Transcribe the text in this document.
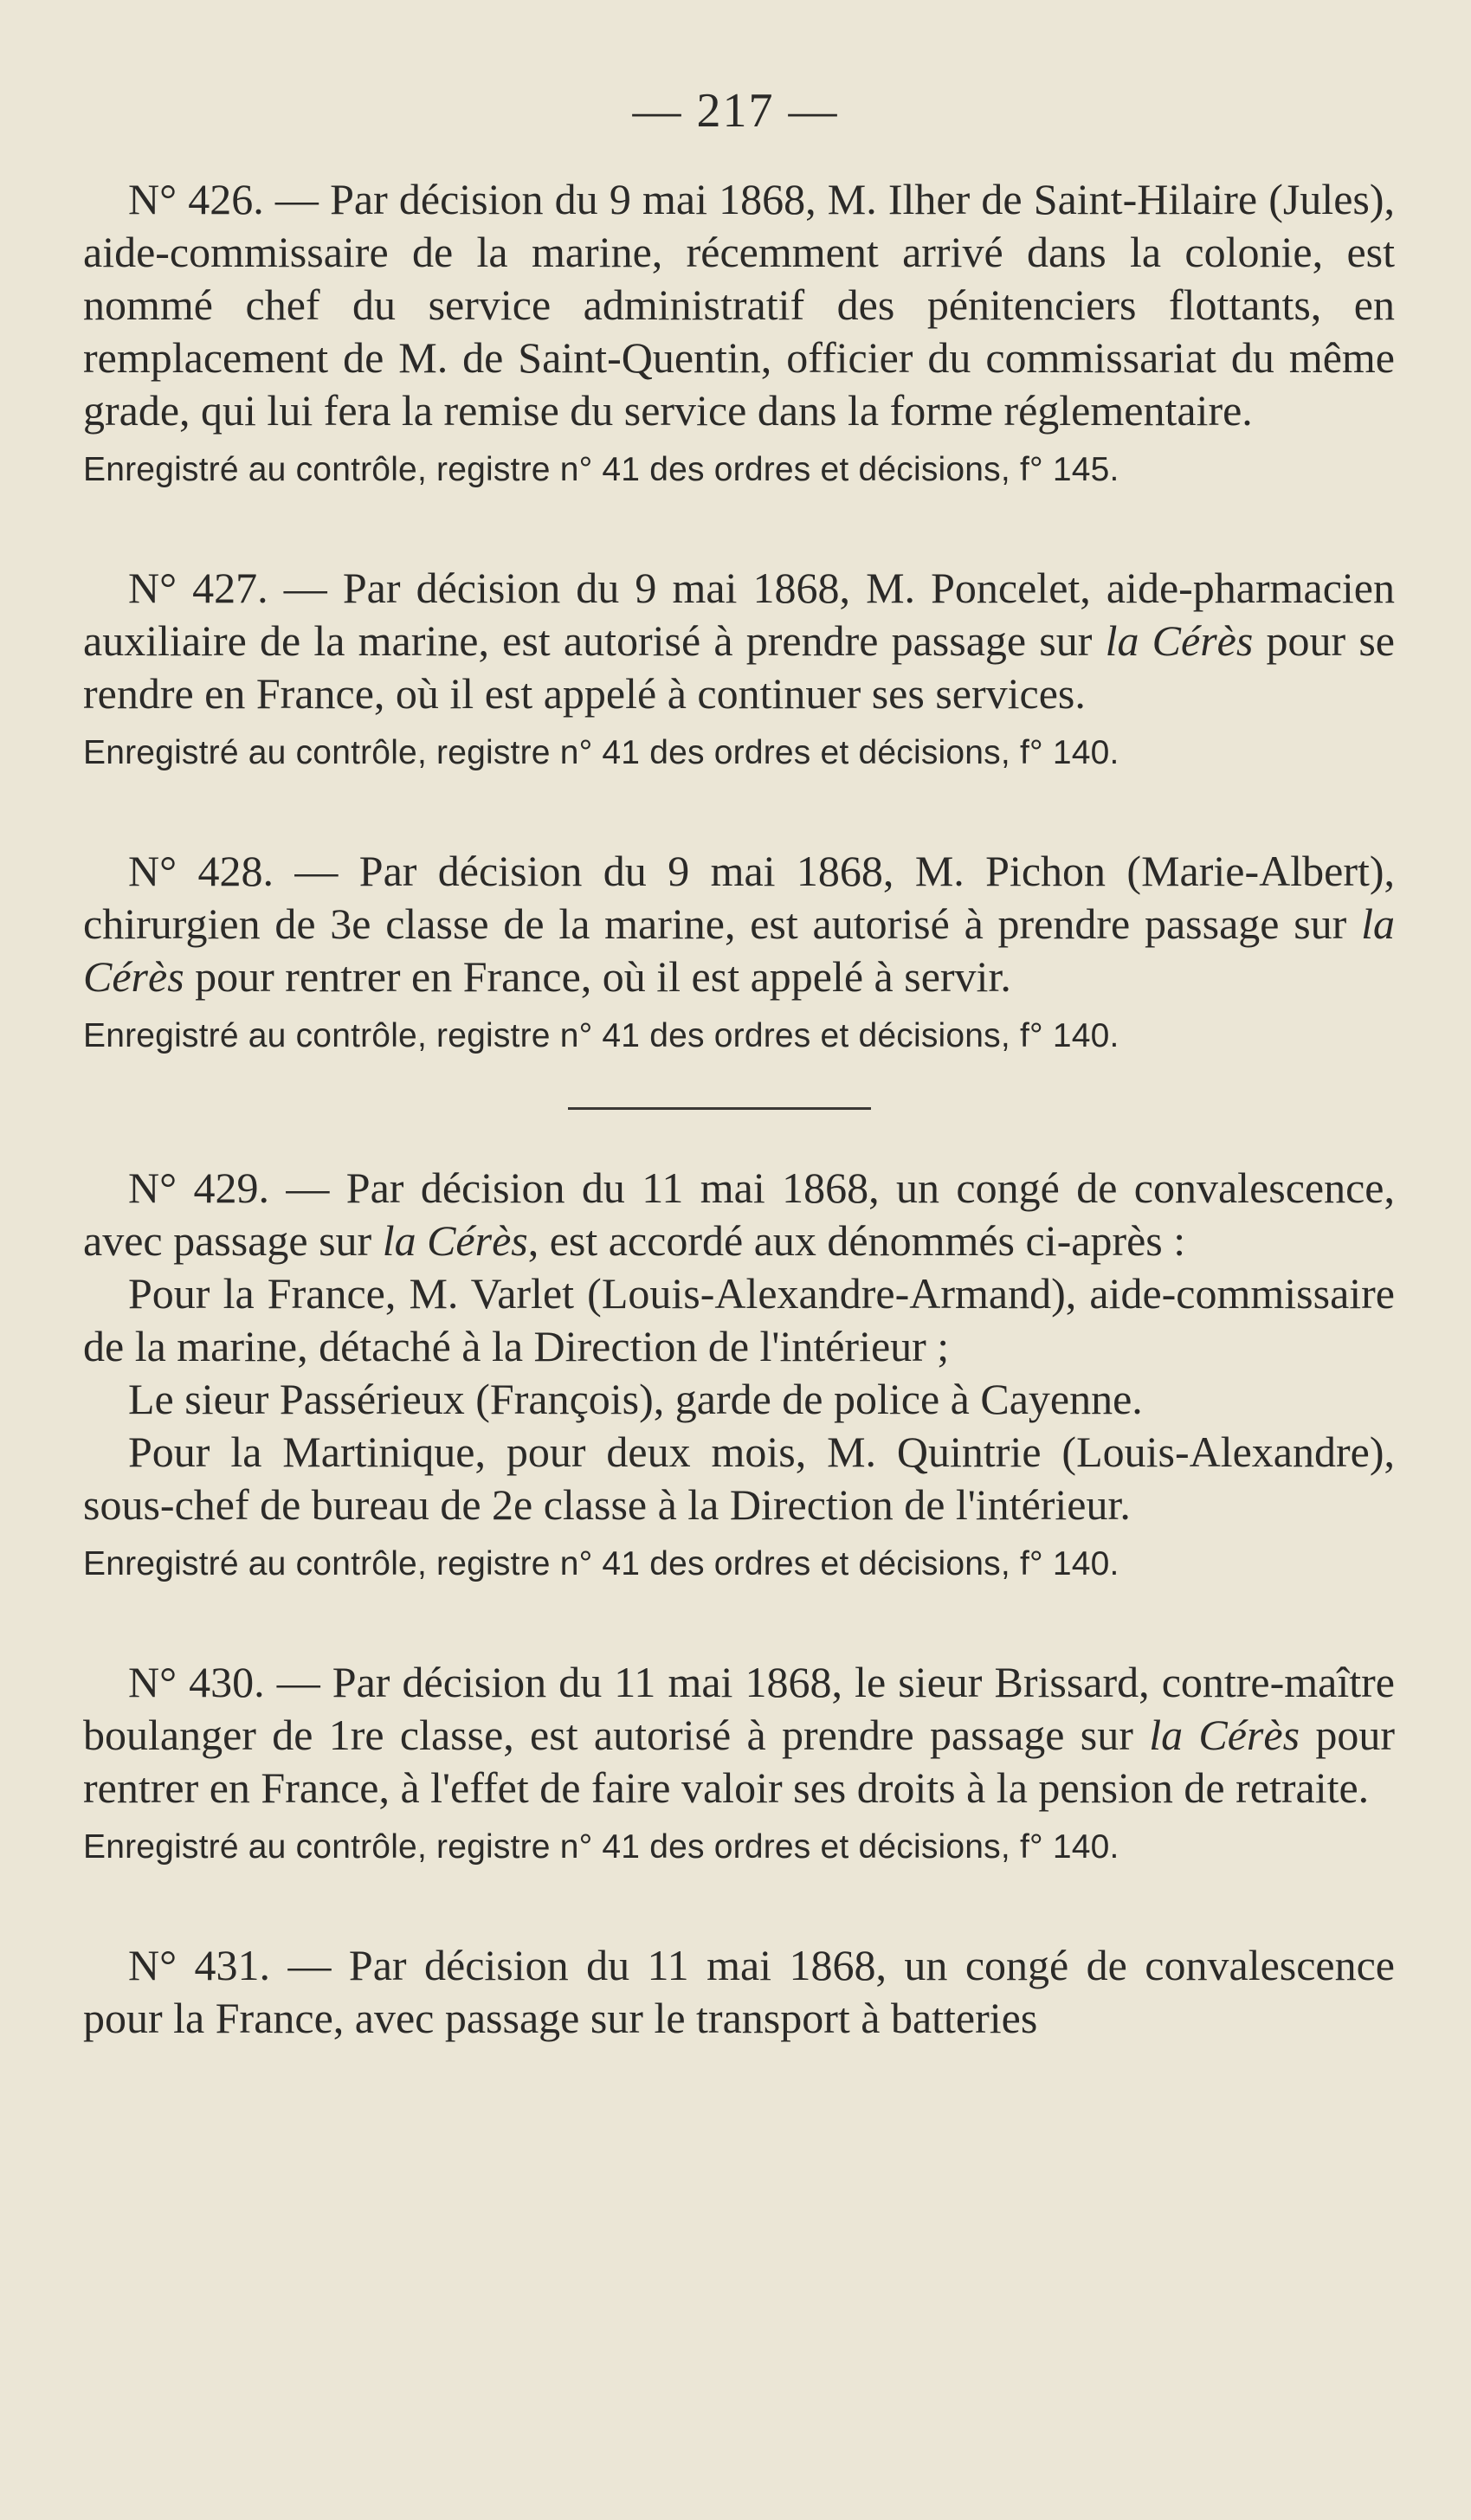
— 217 —

N° 426. — Par décision du 9 mai 1868, M. Ilher de Saint-Hilaire (Jules), aide-commissaire de la marine, récemment arrivé dans la colonie, est nommé chef du service administratif des pénitenciers flottants, en remplacement de M. de Saint-Quentin, officier du commissariat du même grade, qui lui fera la remise du service dans la forme réglementaire.

Enregistré au contrôle, registre n° 41 des ordres et décisions, f° 145.

N° 427. — Par décision du 9 mai 1868, M. Poncelet, aide-pharmacien auxiliaire de la marine, est autorisé à prendre passage sur la Cérès pour se rendre en France, où il est appelé à continuer ses services.

Enregistré au contrôle, registre n° 41 des ordres et décisions, f° 140.

N° 428. — Par décision du 9 mai 1868, M. Pichon (Marie-Albert), chirurgien de 3e classe de la marine, est autorisé à prendre passage sur la Cérès pour rentrer en France, où il est appelé à servir.

Enregistré au contrôle, registre n° 41 des ordres et décisions, f° 140.

N° 429. — Par décision du 11 mai 1868, un congé de convalescence, avec passage sur la Cérès, est accordé aux dénommés ci-après :

Pour la France, M. Varlet (Louis-Alexandre-Armand), aide-commissaire de la marine, détaché à la Direction de l'intérieur ;

Le sieur Passérieux (François), garde de police à Cayenne.

Pour la Martinique, pour deux mois, M. Quintrie (Louis-Alexandre), sous-chef de bureau de 2e classe à la Direction de l'intérieur.

Enregistré au contrôle, registre n° 41 des ordres et décisions, f° 140.

N° 430. — Par décision du 11 mai 1868, le sieur Brissard, contre-maître boulanger de 1re classe, est autorisé à prendre passage sur la Cérès pour rentrer en France, à l'effet de faire valoir ses droits à la pension de retraite.

Enregistré au contrôle, registre n° 41 des ordres et décisions, f° 140.

N° 431. — Par décision du 11 mai 1868, un congé de convalescence pour la France, avec passage sur le transport à batteries
